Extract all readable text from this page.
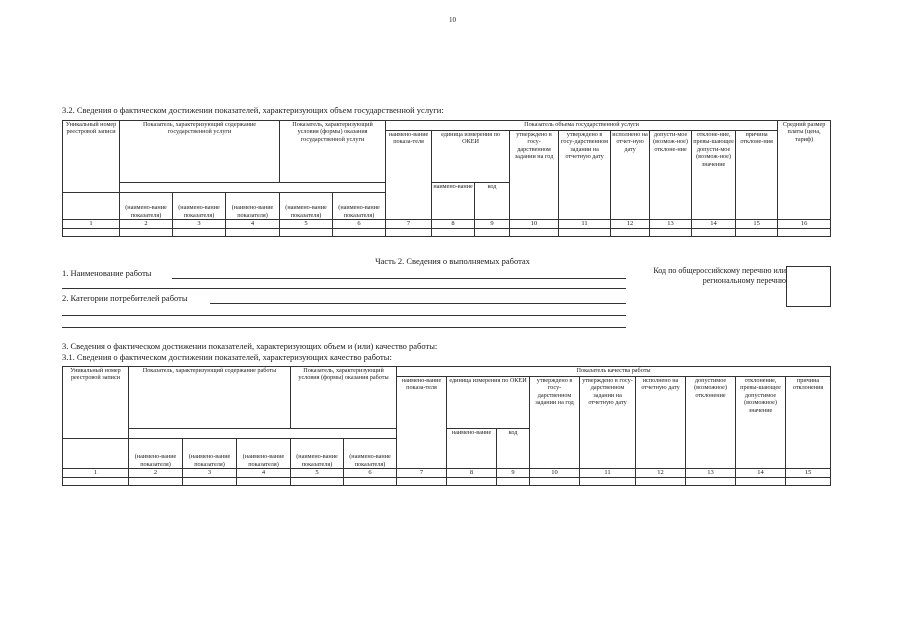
10
3.2. Сведения о фактическом достижении показателей, характеризующих объем государственной услуги:
Уникальный номер реестровой записи	Показатель, характеризующий содержание государственной услуги			Показатель, характеризующий условия (формы) оказания государственной услуги		Показатель объема государственной услуги									Средний размер платы (цена, тариф)
						наимено-вание показа-теля	единица измерения по ОКЕИ		утверждено в госу-дарственном задании на год	утверждено в госу-дарственном задании на отчетную дату	исполнено на отчет-ную дату	допусти-мое (возмож-ное) отклоне-ние	отклоне-ние, превы-шающее допусти-мое (возмож-ное) значение	причина отклоне-ния	
							наимено-вание	код							
	(наимено-вание показателя)	(наимено-вание показателя)	(наимено-вание показателя)	(наимено-вание показателя)	(наимено-вание показателя)										
1	2	3	4	5	6	7	8	9	10	11	12	13	14	15	16

Часть 2. Сведения о выполняемых работах
1. Наименование работы
2. Категории потребителей работы
Код по общероссийскому перечню или региональному перечню
3. Сведения о фактическом достижении показателей, характеризующих объем и (или) качество работы:
3.1. Сведения о фактическом достижении показателей, характеризующих качество работы:
Уникальный номер реестровой записи	Показатель, характеризующий содержание работы			Показатель, характеризующий условия (формы) оказания работы		Показатель качества работы								
						наимено-вание показа-теля	единица измерения по ОКЕИ		утверждено в госу-дарственном задании на год	утверждено в госу-дарственном задании на отчетную дату	исполнено на отчетную дату	допустимое (возможное) отклонение	отклонение, превы-шающее допустимое (возможное) значение	причина отклонения
							наимено-вание	код						
	(наимено-вание показателя)	(наимено-вание показателя)	(наимено-вание показателя)	(наимено-вание показателя)	(наимено-вание показателя)									
1	2	3	4	5	6	7	8	9	10	11	12	13	14	15
